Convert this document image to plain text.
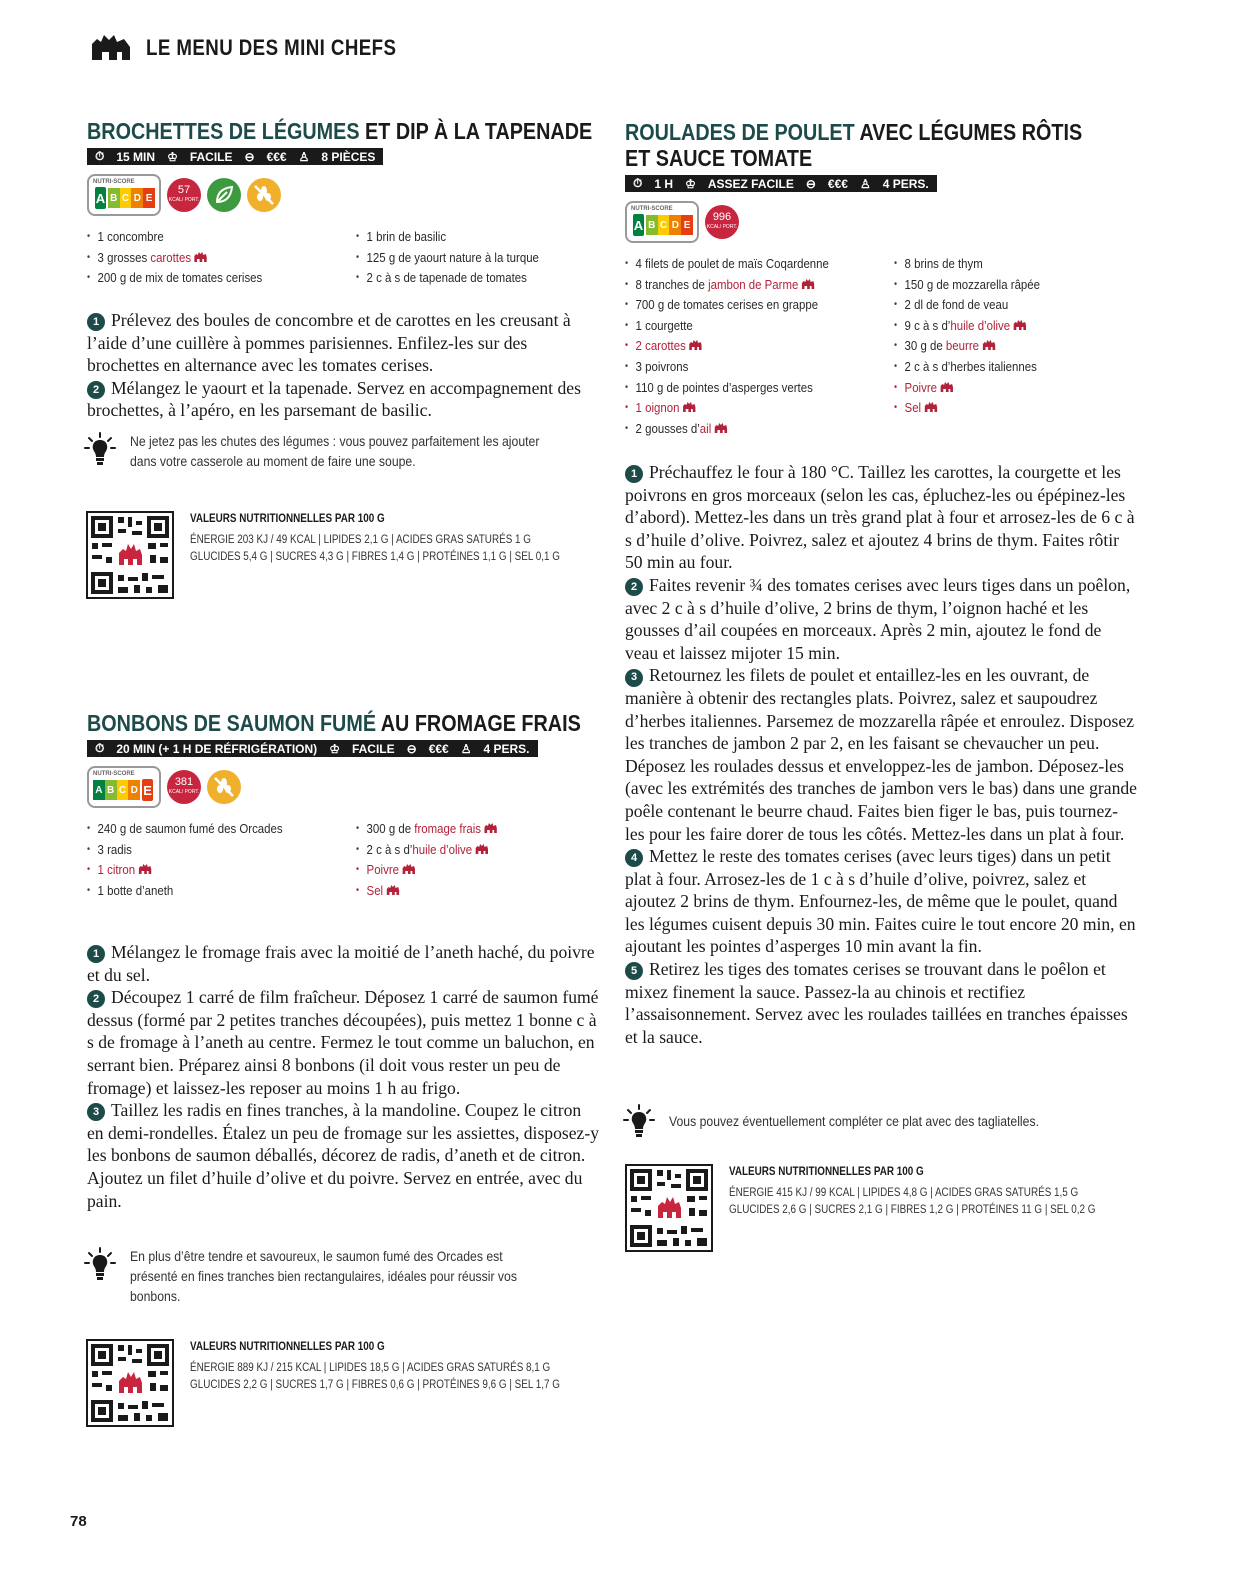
LE MENU DES MINI CHEFS
BROCHETTES DE LÉGUMES ET DIP À LA TAPENADE
⏱ 15 MIN ♔ FACILE ⊖ €€€ ♙ 8 PIÈCES
NUTRI-SCORE
A B C D E
57
KCAL/ PORT.
• 1 concombre
• 3 grosses carottes
• 200 g de mix de tomates cerises
• 1 brin de basilic
• 125 g de yaourt nature à la turque
• 2 c à s de tapenade de tomates

1 Prélevez des boules de concombre et de carottes en les creusant à l’aide d’une cuillère à pommes parisiennes. Enfilez-les sur des brochettes en alternance avec les tomates cerises.

2 Mélangez le yaourt et la tapenade. Servez en accompagnement des brochettes, à l’apéro, en les parsemant de basilic.

Ne jetez pas les chutes des légumes : vous pouvez parfaitement les ajouter dans votre casserole au moment de faire une soupe.
VALEURS NUTRITIONNELLES PAR 100 G
ÉNERGIE 203 KJ / 49 KCAL | LIPIDES 2,1 G | ACIDES GRAS SATURÉS 1 G
GLUCIDES 5,4 G | SUCRES 4,3 G | FIBRES 1,4 G | PROTÉINES 1,1 G | SEL 0,1 G
BONBONS DE SAUMON FUMÉ AU FROMAGE FRAIS
⏱ 20 MIN (+ 1 H DE RÉFRIGÉRATION) ♔ FACILE ⊖ €€€ ♙ 4 PERS.
NUTRI-SCORE
A B C D E
381
KCAL/ PORT.
• 240 g de saumon fumé des Orcades
• 3 radis
• 1 citron
• 1 botte d’aneth
• 300 g de fromage frais
• 2 c à s d’huile d’olive
• Poivre
• Sel

1 Mélangez le fromage frais avec la moitié de l’aneth haché, du poivre et du sel.

2 Découpez 1 carré de film fraîcheur. Déposez 1 carré de saumon fumé dessus (formé par 2 petites tranches découpées), puis mettez 1 bonne c à s de fromage à l’aneth au centre. Fermez le tout comme un baluchon, en serrant bien. Préparez ainsi 8 bonbons (il doit vous rester un peu de fromage) et laissez-les reposer au moins 1 h au frigo.

3 Taillez les radis en fines tranches, à la mandoline. Coupez le citron en demi-rondelles. Étalez un peu de fromage sur les assiettes, disposez-y les bonbons de saumon déballés, décorez de radis, d’aneth et de citron. Ajoutez un filet d’huile d’olive et du poivre. Servez en entrée, avec du pain.

En plus d’être tendre et savoureux, le saumon fumé des Orcades est présenté en fines tranches bien rectangulaires, idéales pour réussir vos bonbons.
VALEURS NUTRITIONNELLES PAR 100 G
ÉNERGIE 889 KJ / 215 KCAL | LIPIDES 18,5 G | ACIDES GRAS SATURÉS 8,1 G
GLUCIDES 2,2 G | SUCRES 1,7 G | FIBRES 0,6 G | PROTÉINES 9,6 G | SEL 1,7 G
ROULADES DE POULET AVEC LÉGUMES RÔTIS
ET SAUCE TOMATE
⏱ 1 H ♔ ASSEZ FACILE ⊖ €€€ ♙ 4 PERS.
NUTRI-SCORE
A B C D E
996
KCAL/ PORT.
• 4 filets de poulet de maïs Coqardenne
• 8 tranches de jambon de Parme
• 700 g de tomates cerises en grappe
• 1 courgette
• 2 carottes
• 3 poivrons
• 110 g de pointes d’asperges vertes
• 1 oignon
• 2 gousses d’ail
• 8 brins de thym
• 150 g de mozzarella râpée
• 2 dl de fond de veau
• 9 c à s d’huile d’olive
• 30 g de beurre
• 2 c à s d’herbes italiennes
• Poivre
• Sel

1 Préchauffez le four à 180 °C. Taillez les carottes, la courgette et les poivrons en gros morceaux (selon les cas, épluchez-les ou épépinez-les d’abord). Mettez-les dans un très grand plat à four et arrosez-les de 6 c à s d’huile d’olive. Poivrez, salez et ajoutez 4 brins de thym. Faites rôtir 50 min au four.

2 Faites revenir ¾ des tomates cerises avec leurs tiges dans un poêlon, avec 2 c à s d’huile d’olive, 2 brins de thym, l’oignon haché et les gousses d’ail coupées en morceaux. Après 2 min, ajoutez le fond de veau et laissez mijoter 15 min.

3 Retournez les filets de poulet et entaillez-les en les ouvrant, de manière à obtenir des rectangles plats. Poivrez, salez et saupoudrez d’herbes italiennes. Parsemez de mozzarella râpée et enroulez. Disposez les tranches de jambon 2 par 2, en les faisant se chevaucher un peu. Déposez les roulades dessus et enveloppez-les de jambon. Déposez-les (avec les extrémités des tranches de jambon vers le bas) dans une grande poêle contenant le beurre chaud. Faites bien figer le bas, puis tournez-les pour les faire dorer de tous les côtés. Mettez-les dans un plat à four.

4 Mettez le reste des tomates cerises (avec leurs tiges) dans un petit plat à four. Arrosez-les de 1 c à s d’huile d’olive, poivrez, salez et ajoutez 2 brins de thym. Enfournez-les, de même que le poulet, quand les légumes cuisent depuis 30 min. Faites cuire le tout encore 20 min, en ajoutant les pointes d’asperges 10 min avant la fin.

5 Retirez les tiges des tomates cerises se trouvant dans le poêlon et mixez finement la sauce. Passez-la au chinois et rectifiez l’assaisonnement. Servez avec les roulades taillées en tranches épaisses et la sauce.

Vous pouvez éventuellement compléter ce plat avec des tagliatelles.
VALEURS NUTRITIONNELLES PAR 100 G
ÉNERGIE 415 KJ / 99 KCAL | LIPIDES 4,8 G | ACIDES GRAS SATURÉS 1,5 G
GLUCIDES 2,6 G | SUCRES 2,1 G | FIBRES 1,2 G | PROTÉINES 11 G | SEL 0,2 G
78
